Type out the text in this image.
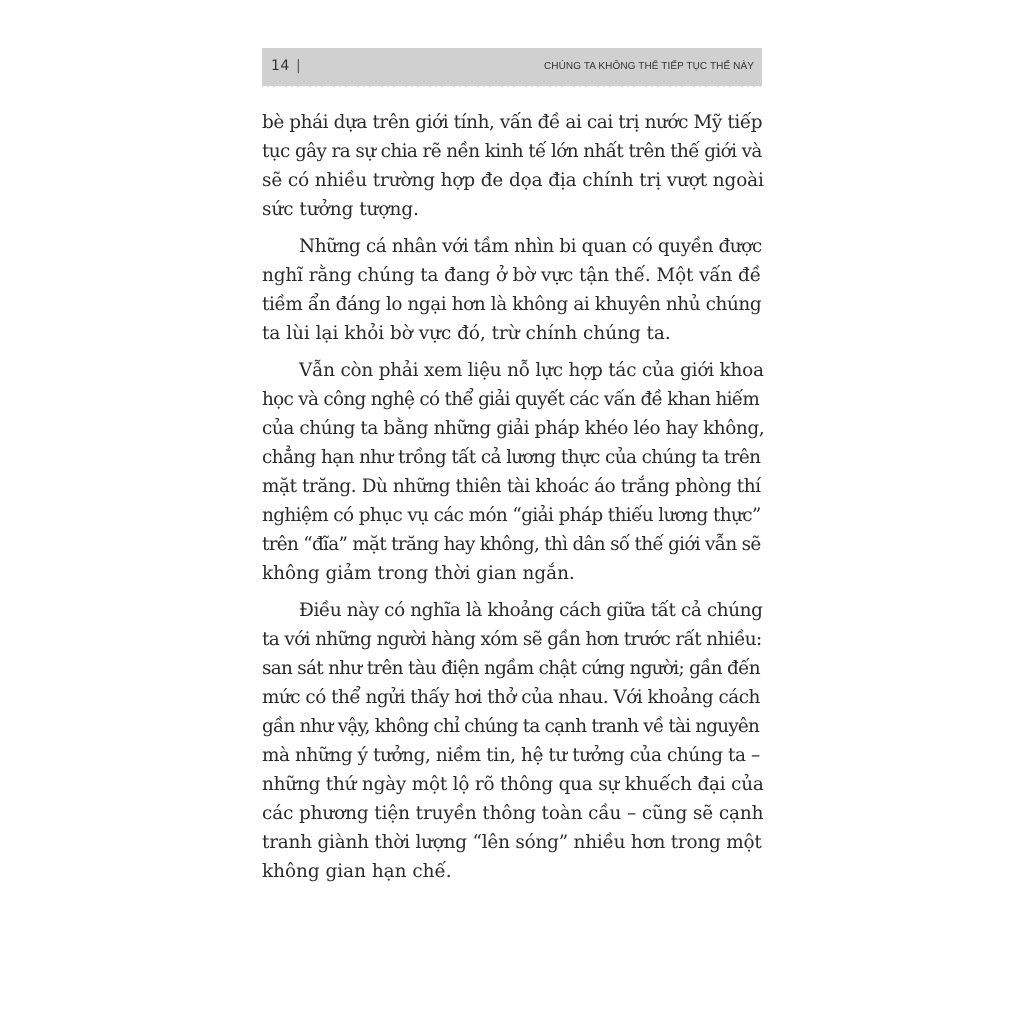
14 |	CHÚNG TA KHÔNG THỂ TIẾP TỤC THẾ NÀY

bè phái dựa trên giới tính, vấn đề ai cai trị nước Mỹ tiếp
tục gây ra sự chia rẽ nền kinh tế lớn nhất trên thế giới và
sẽ có nhiều trường hợp đe dọa địa chính trị vượt ngoài
sức tưởng tượng.

Những cá nhân với tầm nhìn bi quan có quyền được
nghĩ rằng chúng ta đang ở bờ vực tận thế. Một vấn đề
tiềm ẩn đáng lo ngại hơn là không ai khuyên nhủ chúng
ta lùi lại khỏi bờ vực đó, trừ chính chúng ta.

Vẫn còn phải xem liệu nỗ lực hợp tác của giới khoa
học và công nghệ có thể giải quyết các vấn đề khan hiếm
của chúng ta bằng những giải pháp khéo léo hay không,
chẳng hạn như trồng tất cả lương thực của chúng ta trên
mặt trăng. Dù những thiên tài khoác áo trắng phòng thí
nghiệm có phục vụ các món “giải pháp thiếu lương thực”
trên “đĩa” mặt trăng hay không, thì dân số thế giới vẫn sẽ
không giảm trong thời gian ngắn.

Điều này có nghĩa là khoảng cách giữa tất cả chúng
ta với những người hàng xóm sẽ gần hơn trước rất nhiều:
san sát như trên tàu điện ngầm chật cứng người; gần đến
mức có thể ngửi thấy hơi thở của nhau. Với khoảng cách
gần như vậy, không chỉ chúng ta cạnh tranh về tài nguyên
mà những ý tưởng, niềm tin, hệ tư tưởng của chúng ta –
những thứ ngày một lộ rõ thông qua sự khuếch đại của
các phương tiện truyền thông toàn cầu – cũng sẽ cạnh
tranh giành thời lượng “lên sóng” nhiều hơn trong một
không gian hạn chế.
